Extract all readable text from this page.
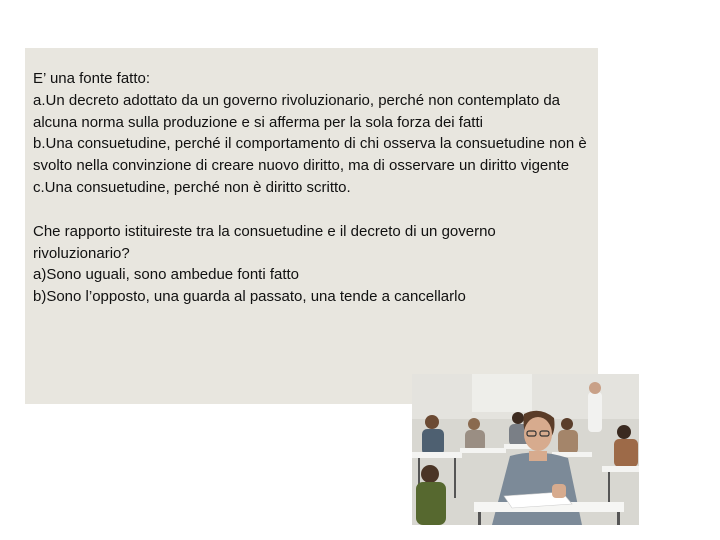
E’ una fonte fatto:

a.Un decreto adottato da un governo rivoluzionario, perché non contemplato da alcuna norma sulla produzione e si afferma per la sola forza dei fatti

b.Una consuetudine, perché il comportamento di chi osserva la consuetudine non è svolto nella convinzione di creare nuovo diritto, ma di osservare un diritto vigente

c.Una consuetudine, perché non è diritto scritto.

Che rapporto istituireste tra la consuetudine e il decreto di un governo rivoluzionario?

a)Sono uguali, sono ambedue fonti fatto

b)Sono l’opposto, una guarda al passato, una tende a cancellarlo
